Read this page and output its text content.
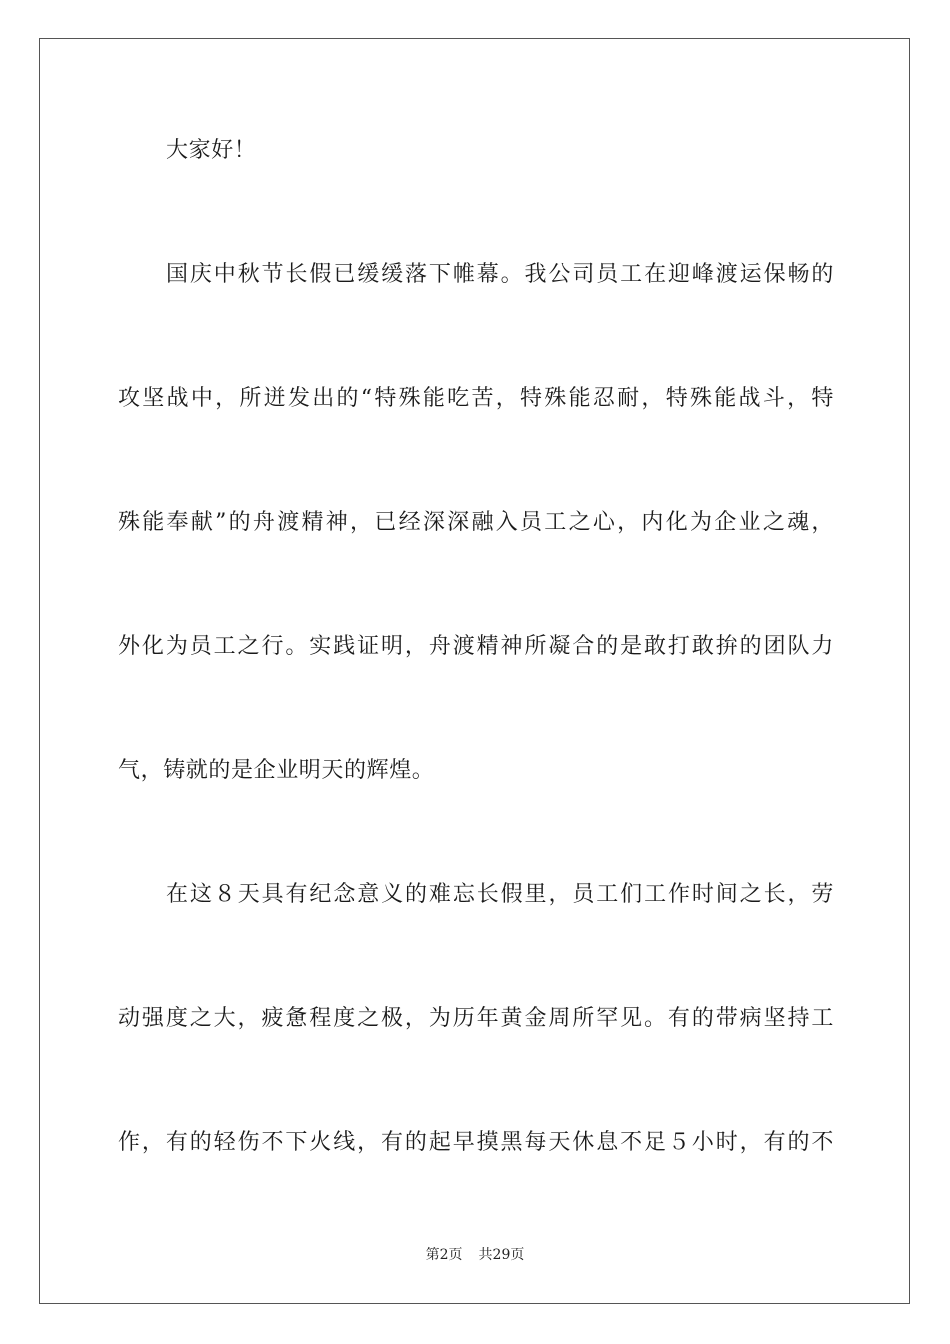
大家好！
国庆中秋节长假已缓缓落下帷幕。我公司员工在迎峰渡运保畅的
攻坚战中，所迸发出的“特殊能吃苦，特殊能忍耐，特殊能战斗，特
殊能奉献”的舟渡精神，已经深深融入员工之心，内化为企业之魂，
外化为员工之行。实践证明，舟渡精神所凝合的是敢打敢拚的团队力
气，铸就的是企业明天的辉煌。
在这８天具有纪念意义的难忘长假里，员工们工作时间之长，劳
动强度之大，疲惫程度之极，为历年黄金周所罕见。有的带病坚持工
作，有的轻伤不下火线，有的起早摸黑每天休息不足５小时，有的不
第2页 共29页
